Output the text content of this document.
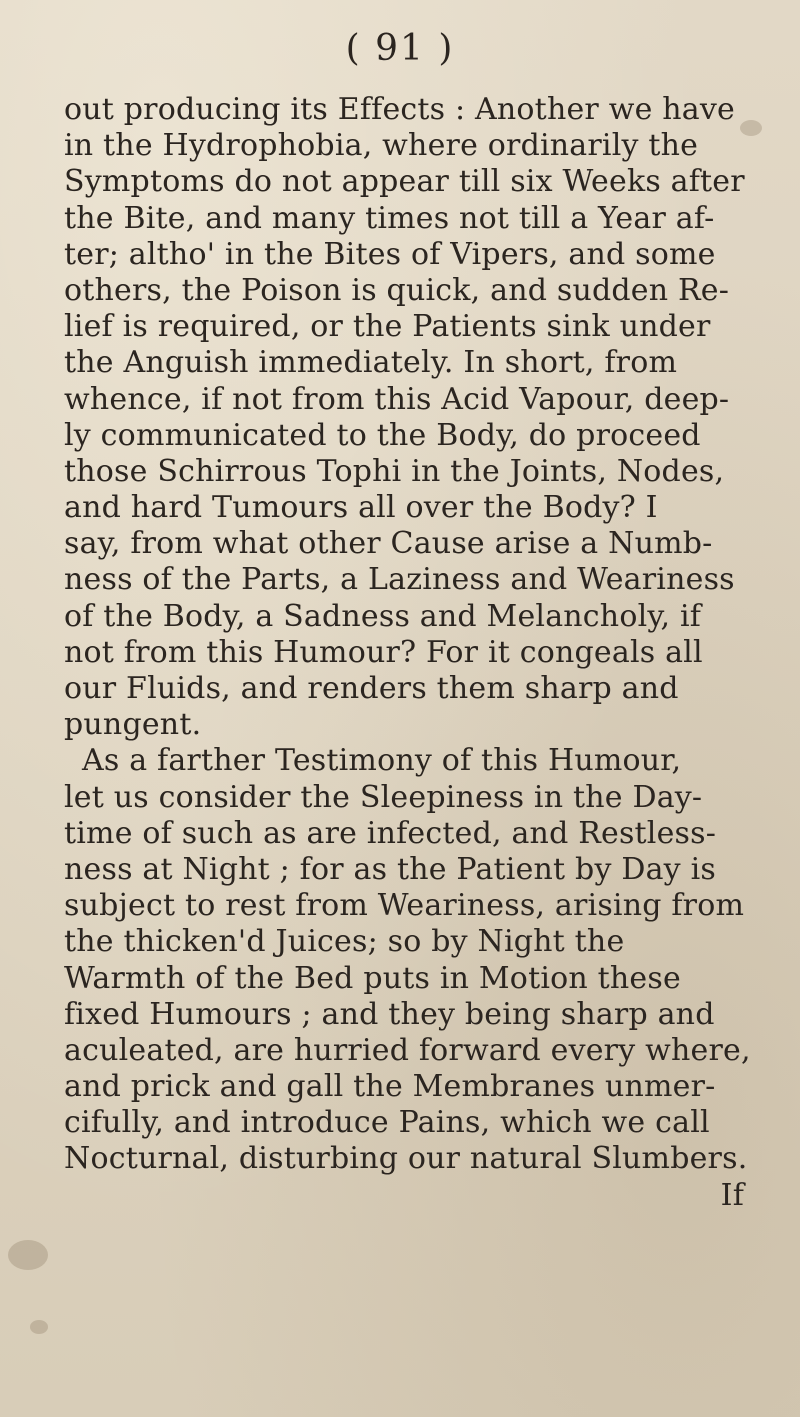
( 91 )
out producing its Effects : Another we have
in the Hydrophobia, where ordinarily the
Symptoms do not appear till six Weeks after
the Bite, and many times not till a Year af-
ter; altho' in the Bites of Vipers, and some
others, the Poison is quick, and sudden Re-
lief is required, or the Patients sink under
the Anguish immediately. In short, from
whence, if not from this Acid Vapour, deep-
ly communicated to the Body, do proceed
those Schirrous Tophi in the Joints, Nodes,
and hard Tumours all over the Body? I
say, from what other Cause arise a Numb-
ness of the Parts, a Laziness and Weariness
of the Body, a Sadness and Melancholy, if
not from this Humour? For it congeals all
our Fluids, and renders them sharp and
pungent.
As a farther Testimony of this Humour,
let us consider the Sleepiness in the Day-
time of such as are infected, and Restless-
ness at Night ; for as the Patient by Day is
subject to rest from Weariness, arising from
the thicken'd Juices; so by Night the
Warmth of the Bed puts in Motion these
fixed Humours ; and they being sharp and
aculeated, are hurried forward every where,
and prick and gall the Membranes unmer-
cifully, and introduce Pains, which we call
Nocturnal, disturbing our natural Slumbers.
If
